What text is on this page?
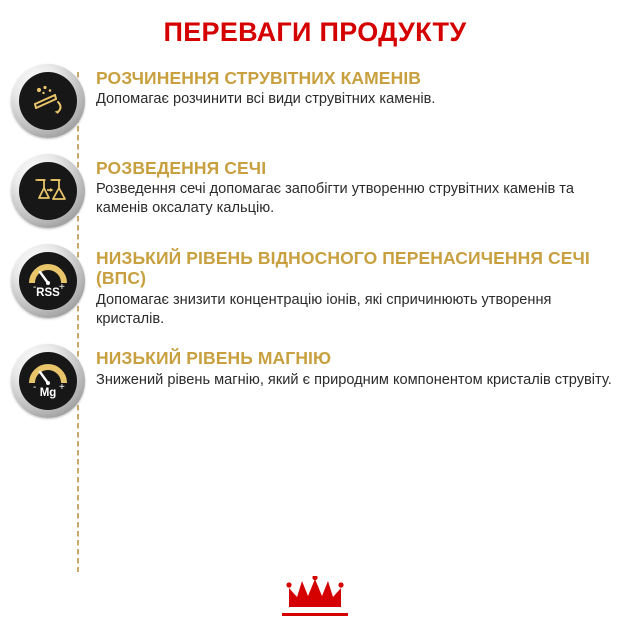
ПЕРЕВАГИ ПРОДУКТУ
РОЗЧИНЕННЯ СТРУВІТНИХ КАМЕНІВ
Допомагає розчинити всі види струвітних каменів.
РОЗВЕДЕННЯ СЕЧІ
Розведення сечі допомагає запобігти утворенню струвітних каменів та каменів оксалату кальцію.
- +
RSS
НИЗЬКИЙ РІВЕНЬ ВІДНОСНОГО ПЕРЕНАСИЧЕННЯ СЕЧІ (ВПС)
Допомагає знизити концентрацію іонів, які спричинюють утворення кристалів.
- +
Mg
НИЗЬКИЙ РІВЕНЬ МАГНІЮ
Знижений рівень магнію, який є природним компонентом кристалів струвіту.
